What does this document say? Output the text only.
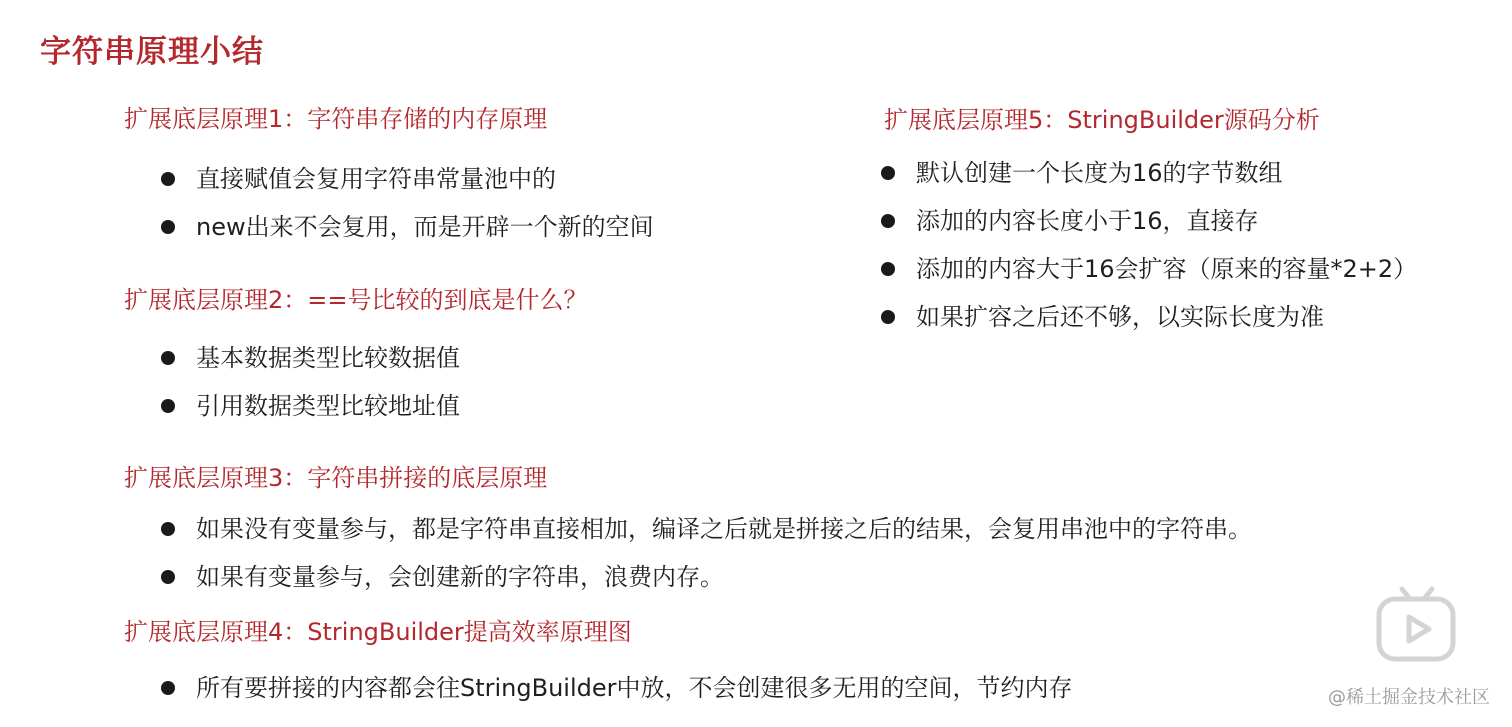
字符串原理小结
扩展底层原理1：字符串存储的内存原理
直接赋值会复用字符串常量池中的
new出来不会复用，而是开辟一个新的空间
扩展底层原理2：==号比较的到底是什么？
基本数据类型比较数据值
引用数据类型比较地址值
扩展底层原理3：字符串拼接的底层原理
如果没有变量参与，都是字符串直接相加，编译之后就是拼接之后的结果，会复用串池中的字符串。
如果有变量参与，会创建新的字符串，浪费内存。
扩展底层原理4：StringBuilder提高效率原理图
所有要拼接的内容都会往StringBuilder中放，不会创建很多无用的空间，节约内存
扩展底层原理5：StringBuilder源码分析
默认创建一个长度为16的字节数组
添加的内容长度小于16，直接存
添加的内容大于16会扩容（原来的容量*2+2）
如果扩容之后还不够，以实际长度为准
@稀土掘金技术社区
